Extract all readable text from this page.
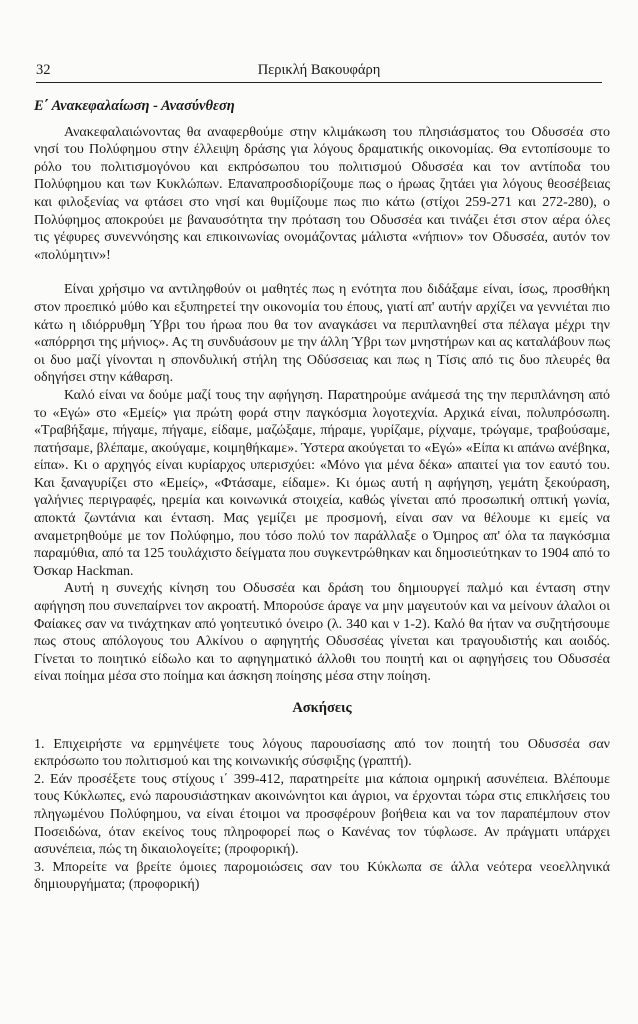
32	Περικλή Βακουφάρη
Ε΄ Ανακεφαλαίωση - Ανασύνθεση

Ανακεφαλαιώνοντας θα αναφερθούμε στην κλιμάκωση του πλησιάσματος του Οδυσσέα στο νησί του Πολύφημου στην έλλειψη δράσης για λόγους δραματικής οικονομίας. Θα εντοπίσουμε το ρόλο του πολιτισμογόνου και εκπρόσωπου του πολιτισμού Οδυσσέα και τον αντίποδα του Πολύφημου και των Κυκλώπων. Επαναπροσδιορίζουμε πως ο ήρωας ζητάει για λόγους θεοσέβειας και φιλοξενίας να φτάσει στο νησί και θυμίζουμε πως πιο κάτω (στίχοι 259-271 και 272-280), ο Πολύφημος αποκρούει με βαναυσότητα την πρόταση του Οδυσσέα και τινάζει έτσι στον αέρα όλες τις γέφυρες συνεννόησης και επικοινωνίας ονομάζοντας μάλιστα «νήπιον» τον Οδυσσέα, αυτόν τον «πολύμητιν»!

Είναι χρήσιμο να αντιληφθούν οι μαθητές πως η ενότητα που διδάξαμε είναι, ίσως, προσθήκη στον προεπικό μύθο και εξυπηρετεί την οικονομία του έπους, γιατί απ' αυτήν αρχίζει να γεννιέται πιο κάτω η ιδιόρρυθμη Ύβρι του ήρωα που θα τον αναγκάσει να περιπλανηθεί στα πέλαγα μέχρι την «απόρρησι της μήνιος». Ας τη συνδυάσουν με την άλλη Ύβρι των μνηστήρων και ας καταλάβουν πως οι δυο μαζί γίνονται η σπονδυλική στήλη της Οδύσσειας και πως η Τίσις από τις δυο πλευρές θα οδηγήσει στην κάθαρση.

Καλό είναι να δούμε μαζί τους την αφήγηση. Παρατηρούμε ανάμεσά της την περιπλάνηση από το «Εγώ» στο «Εμείς» για πρώτη φορά στην παγκόσμια λογοτεχνία. Αρχικά είναι, πολυπρόσωπη. «Τραβήξαμε, πήγαμε, πήγαμε, είδαμε, μαζώξαμε, πήραμε, γυρίζαμε, ρίχναμε, τρώγαμε, τραβούσαμε, πατήσαμε, βλέπαμε, ακούγαμε, κοιμηθήκαμε». Ύστερα ακούγεται το «Εγώ» «Είπα κι απάνω ανέβηκα, είπα». Κι ο αρχηγός είναι κυρίαρχος υπερισχύει: «Μόνο για μένα δέκα» απαιτεί για τον εαυτό του. Και ξαναγυρίζει στο «Εμείς», «Φτάσαμε, είδαμε». Κι όμως αυτή η αφήγηση, γεμάτη ξεκούραση, γαλήνιες περιγραφές, ηρεμία και κοινωνικά στοιχεία, καθώς γίνεται από προσωπική οπτική γωνία, αποκτά ζωντάνια και ένταση. Μας γεμίζει με προσμονή, είναι σαν να θέλουμε κι εμείς να αναμετρηθούμε με τον Πολύφημο, που τόσο πολύ τον παράλλαξε ο Όμηρος απ' όλα τα παγκόσμια παραμύθια, από τα 125 τουλάχιστο δείγματα που συγκεντρώθηκαν και δημοσιεύτηκαν το 1904 από το Όσκαρ Hackman.

Αυτή η συνεχής κίνηση του Οδυσσέα και δράση του δημιουργεί παλμό και ένταση στην αφήγηση που συνεπαίρνει τον ακροατή. Μπορούσε άραγε να μην μαγευτούν και να μείνουν άλαλοι οι Φαίακες σαν να τινάχτηκαν από γοητευτικό όνειρο (λ. 340 και ν 1-2). Καλό θα ήταν να συζητήσουμε πως στους απόλογους του Αλκίνου ο αφηγητής Οδυσσέας γίνεται και τραγουδιστής και αοιδός. Γίνεται το ποιητικό είδωλο και το αφηγηματικό άλλοθι του ποιητή και οι αφηγήσεις του Οδυσσέα είναι ποίημα μέσα στο ποίημα και άσκηση ποίησης μέσα στην ποίηση.

Ασκήσεις
1. Επιχειρήστε να ερμηνέψετε τους λόγους παρουσίασης από τον ποιητή του Οδυσσέα σαν εκπρόσωπο του πολιτισμού και της κοινωνικής σύσφιξης (γραπτή).
2. Εάν προσέξετε τους στίχους ι΄ 399-412, παρατηρείτε μια κάποια ομηρική ασυνέπεια. Βλέπουμε τους Κύκλωπες, ενώ παρουσιάστηκαν ακοινώνητοι και άγριοι, να έρχονται τώρα στις επικλήσεις του πληγωμένου Πολύφημου, να είναι έτοιμοι να προσφέρουν βοήθεια και να τον παραπέμπουν στον Ποσειδώνα, όταν εκείνος τους πληροφορεί πως ο Κανένας τον τύφλωσε. Αν πράγματι υπάρχει ασυνέπεια, πώς τη δικαιολογείτε; (προφορική).
3. Μπορείτε να βρείτε όμοιες παρομοιώσεις σαν του Κύκλωπα σε άλλα νεότερα νεοελληνικά δημιουργήματα; (προφορική)
